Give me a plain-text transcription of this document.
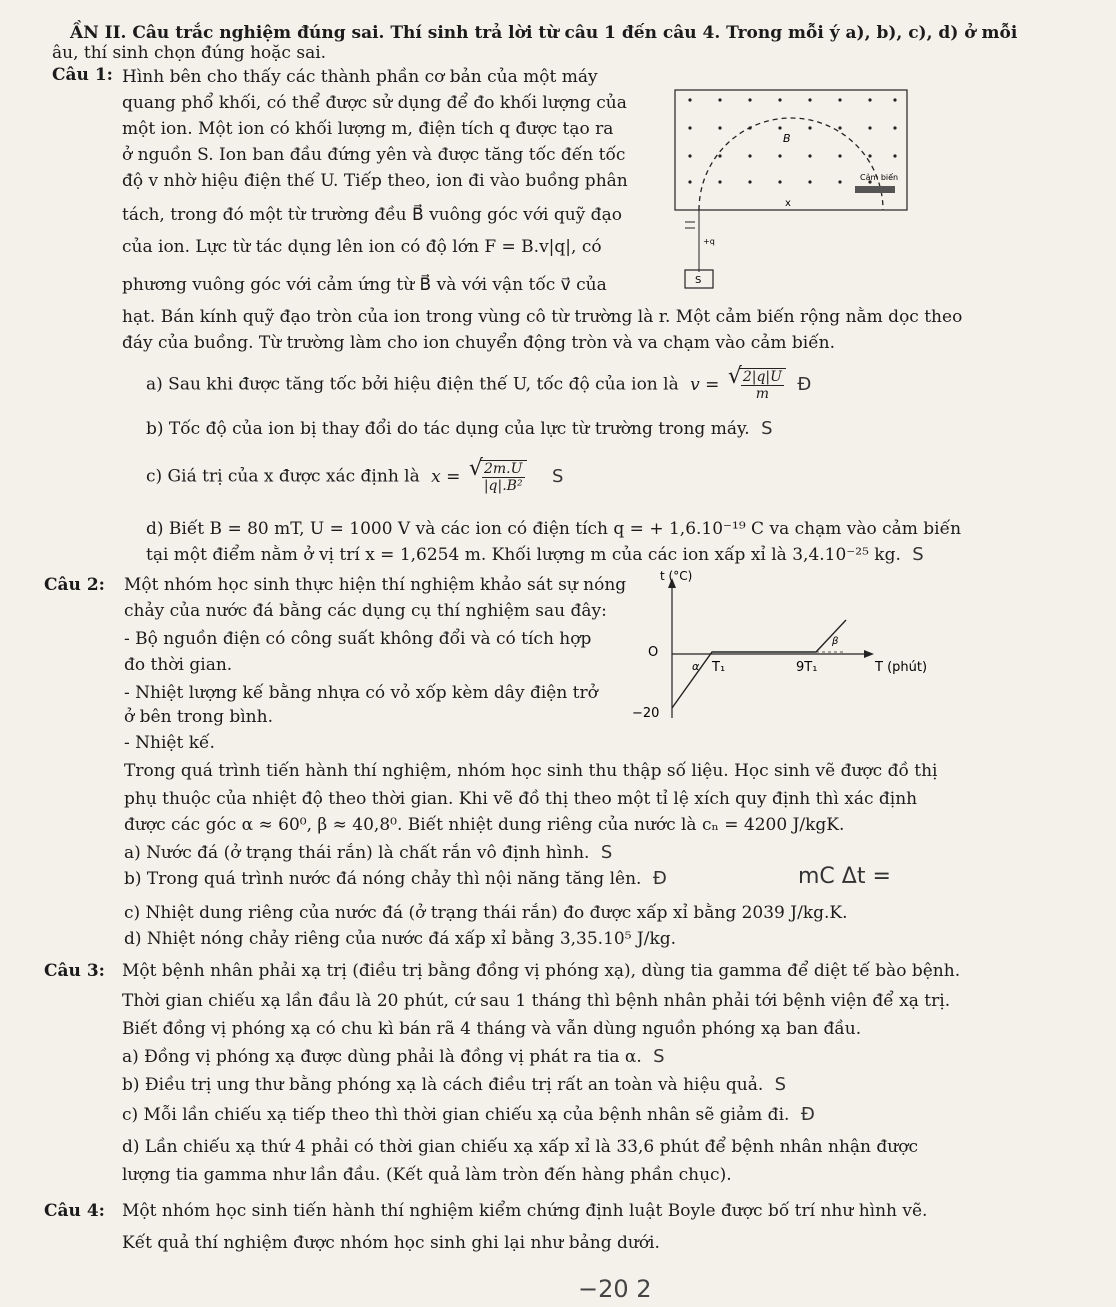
ẦN II. Câu trắc nghiệm đúng sai. Thí sinh trả lời từ câu 1 đến câu 4. Trong mỗi ý a), b), c), d) ở mỗi
âu, thí sinh chọn đúng hoặc sai.
Câu 1: Hình bên cho thấy các thành phần cơ bản của một máy
quang phổ khối, có thể được sử dụng để đo khối lượng của
một ion. Một ion có khối lượng m, điện tích q được tạo ra
ở nguồn S. Ion ban đầu đứng yên và được tăng tốc đến tốc
độ v nhờ hiệu điện thế U. Tiếp theo, ion đi vào buồng phân
tách, trong đó một từ trường đều B⃗ vuông góc với quỹ đạo
của ion. Lực từ tác dụng lên ion có độ lớn F = B.v|q|, có
phương vuông góc với cảm ứng từ B⃗ và với vận tốc v⃗ của
hạt. Bán kính quỹ đạo tròn của ion trong vùng cô từ trường là r. Một cảm biến rộng nằm dọc theo
đáy của buồng. Từ trường làm cho ion chuyển động tròn và va chạm vào cảm biến.
B
Cảm biến
x
+q
S
a) Sau khi được tăng tốc bởi hiệu điện thế U, tốc độ của ion là v = √ $\frac{2|q|U}{m}$ Đ
b) Tốc độ của ion bị thay đổi do tác dụng của lực từ trường trong máy. S
c) Giá trị của x được xác định là x = √ $\frac{2m.U}{\text{|q|.B²}}$ S
d) Biết B = 80 mT, U = 1000 V và các ion có điện tích q = + 1,6.10⁻¹⁹ C va chạm vào cảm biến
tại một điểm nằm ở vị trí x = 1,6254 m. Khối lượng m của các ion xấp xỉ là 3,4.10⁻²⁵ kg. S
Câu 2: Một nhóm học sinh thực hiện thí nghiệm khảo sát sự nóng
chảy của nước đá bằng các dụng cụ thí nghiệm sau đây:
- Bộ nguồn điện có công suất không đổi và có tích hợp
đo thời gian.
- Nhiệt lượng kế bằng nhựa có vỏ xốp kèm dây điện trở
ở bên trong bình.
- Nhiệt kế.
Trong quá trình tiến hành thí nghiệm, nhóm học sinh thu thập số liệu. Học sinh vẽ được đồ thị
phụ thuộc của nhiệt độ theo thời gian. Khi vẽ đồ thị theo một tỉ lệ xích quy định thì xác định
được các góc α ≈ 60⁰, β ≈ 40,8⁰. Biết nhiệt dung riêng của nước là cₙ = 4200 J/kgK.
t (°C)
T (phút)
O
T₁	9T₁
−20
α
β
a) Nước đá (ở trạng thái rắn) là chất rắn vô định hình. S
b) Trong quá trình nước đá nóng chảy thì nội năng tăng lên. Đ	mC Δt =
c) Nhiệt dung riêng của nước đá (ở trạng thái rắn) đo được xấp xỉ bằng 2039 J/kg.K.
d) Nhiệt nóng chảy riêng của nước đá xấp xỉ bằng 3,35.10⁵ J/kg.
Câu 3: Một bệnh nhân phải xạ trị (điều trị bằng đồng vị phóng xạ), dùng tia gamma để diệt tế bào bệnh.
Thời gian chiếu xạ lần đầu là 20 phút, cứ sau 1 tháng thì bệnh nhân phải tới bệnh viện để xạ trị.
Biết đồng vị phóng xạ có chu kì bán rã 4 tháng và vẫn dùng nguồn phóng xạ ban đầu.
a) Đồng vị phóng xạ được dùng phải là đồng vị phát ra tia α. S
b) Điều trị ung thư bằng phóng xạ là cách điều trị rất an toàn và hiệu quả. S
c) Mỗi lần chiếu xạ tiếp theo thì thời gian chiếu xạ của bệnh nhân sẽ giảm đi. Đ
d) Lần chiếu xạ thứ 4 phải có thời gian chiếu xạ xấp xỉ là 33,6 phút để bệnh nhân nhận được
lượng tia gamma như lần đầu. (Kết quả làm tròn đến hàng phần chục).
Câu 4: Một nhóm học sinh tiến hành thí nghiệm kiểm chứng định luật Boyle được bố trí như hình vẽ.
Kết quả thí nghiệm được nhóm học sinh ghi lại như bảng dưới.
−20 2
